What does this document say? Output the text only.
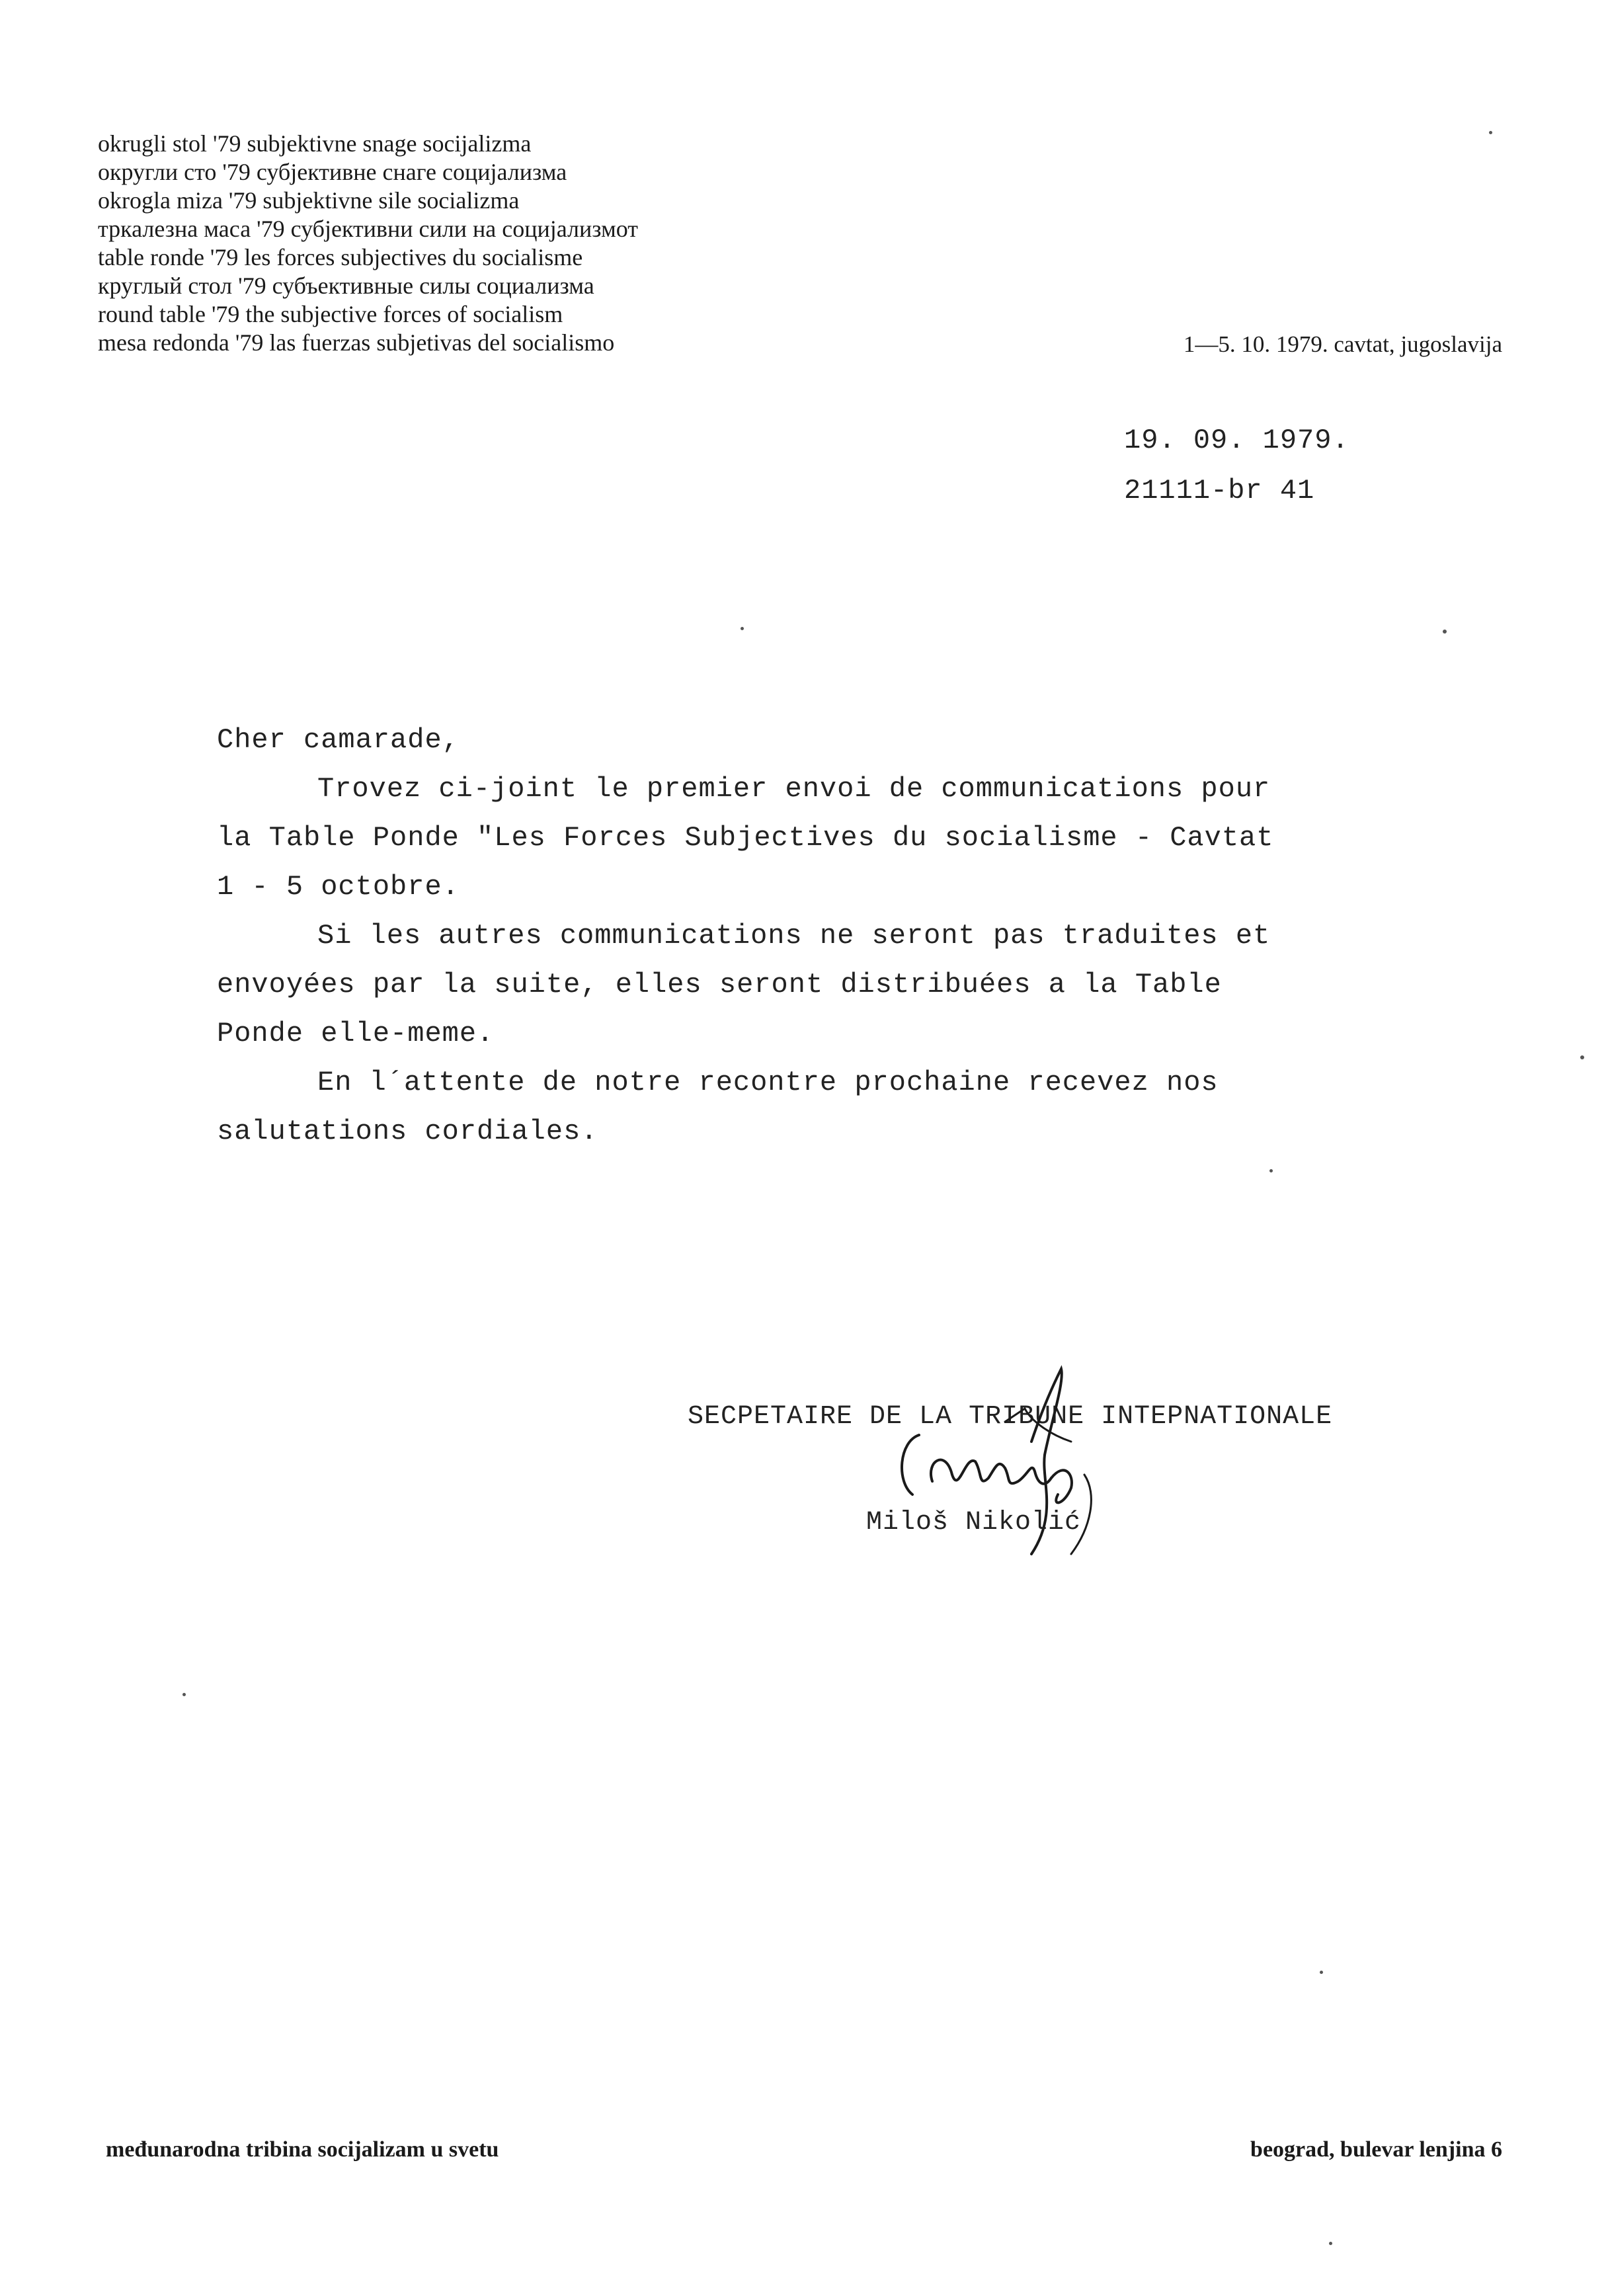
okrugli stol '79 subjektivne snage socijalizma
округли сто '79 субјективне снаге социјализма
okrogla miza '79 subjektivne sile socializma
тркалезна маса '79 субјективни сили на социјализмот
table ronde '79 les forces subjectives du socialisme
круглый стол '79 субъективные силы социализма
round table '79 the subjective forces of socialism
mesa redonda '79 las fuerzas subjetivas del socialismo	1—5. 10. 1979. cavtat, jugoslavija
19. 09. 1979.
21111-br 41
Cher camarade,
Trovez ci-joint le premier envoi de communications pour
la Table Ponde "Les Forces Subjectives du socialisme - Cavtat
1 - 5 octobre.
Si les autres communications ne seront pas traduites et
envoyées par la suite, elles seront distribuées a la Table
Ponde elle-meme.
En l´attente de notre recontre prochaine recevez nos
salutations cordiales.
SECPETAIRE DE LA TRIBUNE INTEPNATIONALE
Miloš Nikolić
međunarodna tribina socijalizam u svetu	beograd, bulevar lenjina 6
